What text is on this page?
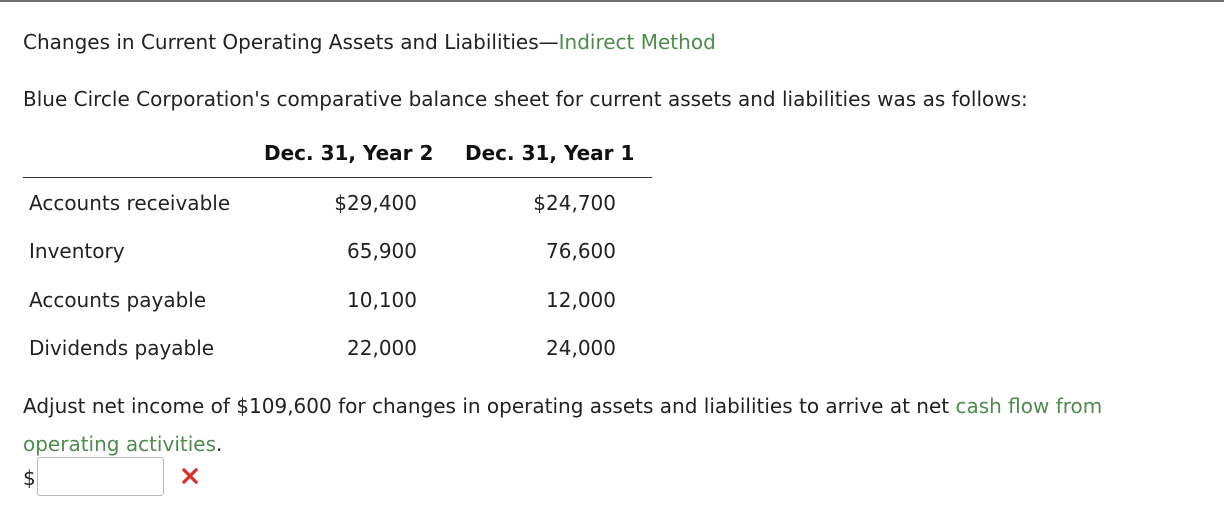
Changes in Current Operating Assets and Liabilities—Indirect Method
Blue Circle Corporation's comparative balance sheet for current assets and liabilities was as follows:
Dec. 31, Year 2 Dec. 31, Year 1
Accounts receivable	$29,400	$24,700
Inventory	65,900	76,600
Accounts payable	10,100	12,000
Dividends payable	22,000	24,000
Adjust net income of $109,600 for changes in operating assets and liabilities to arrive at net cash flow from operating activities.
$
